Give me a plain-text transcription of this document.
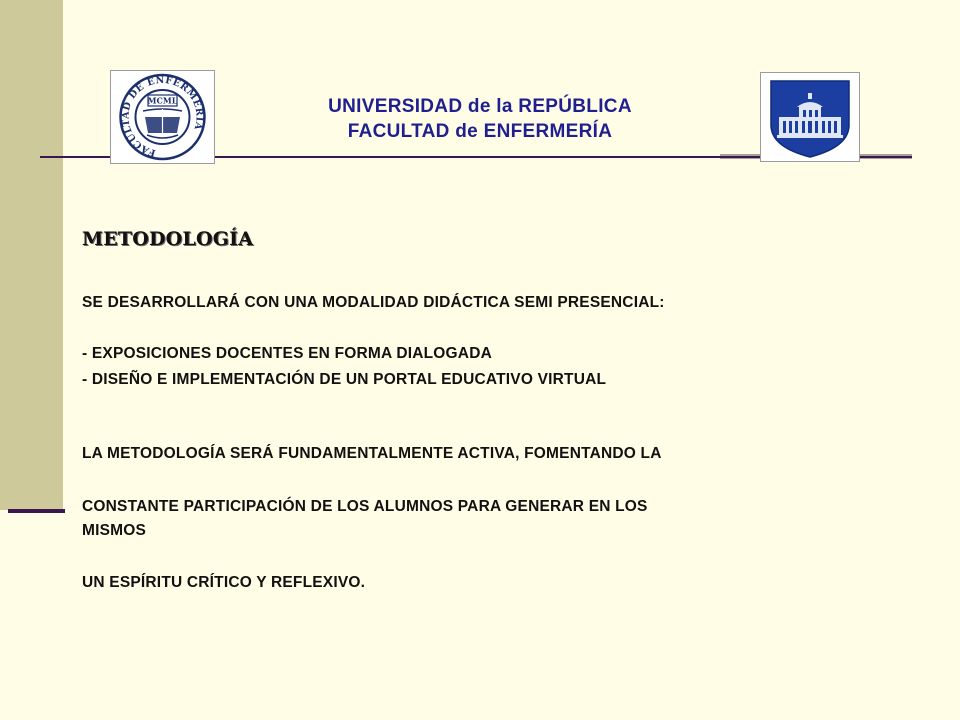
FACULTAD DE ENFERMERIA
MCML	UNIVERSIDAD de la REPÚBLICA
FACULTAD de ENFERMERÍA
METODOLOGÍA
SE DESARROLLARÁ CON UNA MODALIDAD DIDÁCTICA SEMI PRESENCIAL:
- EXPOSICIONES DOCENTES EN FORMA DIALOGADA
- DISEÑO E IMPLEMENTACIÓN DE UN PORTAL EDUCATIVO VIRTUAL
LA METODOLOGÍA SERÁ FUNDAMENTALMENTE ACTIVA, FOMENTANDO LA
CONSTANTE PARTICIPACIÓN DE LOS ALUMNOS PARA GENERAR EN LOS
MISMOS
UN ESPÍRITU CRÍTICO Y REFLEXIVO.
